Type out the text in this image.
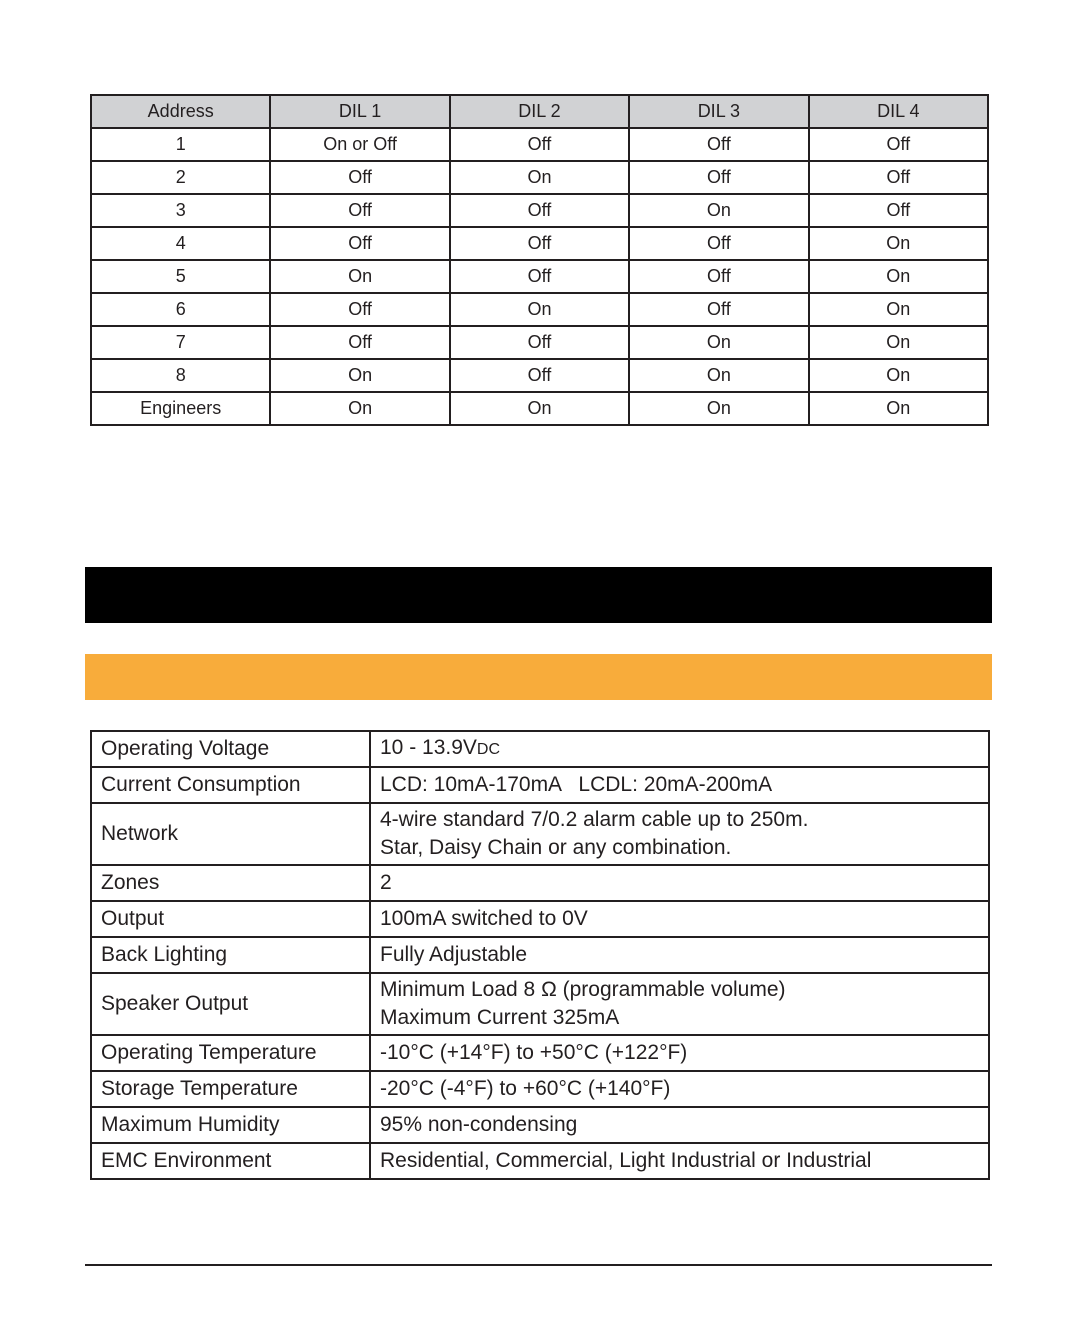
Address	DIL 1	DIL 2	DIL 3	DIL 4
1	On or Off	Off	Off	Off
2	Off	On	Off	Off
3	Off	Off	On	Off
4	Off	Off	Off	On
5	On	Off	Off	On
6	Off	On	Off	On
7	Off	Off	On	On
8	On	Off	On	On
Engineers	On	On	On	On
Operating Voltage	10 - 13.9VDC
Current Consumption	LCD: 10mA-170mA   LCDL: 20mA-200mA
Network	4-wire standard 7/0.2 alarm cable up to 250m.
Star, Daisy Chain or any combination.

Zones	2
Output	100mA switched to 0V
Back Lighting	Fully Adjustable
Speaker Output	Minimum Load 8 Ω (programmable volume)
Maximum Current 325mA

Operating Temperature	-10°C (+14°F) to +50°C (+122°F)
Storage Temperature	-20°C (-4°F) to +60°C (+140°F)
Maximum Humidity	95% non-condensing
EMC Environment	Residential, Commercial, Light Industrial or Industrial
